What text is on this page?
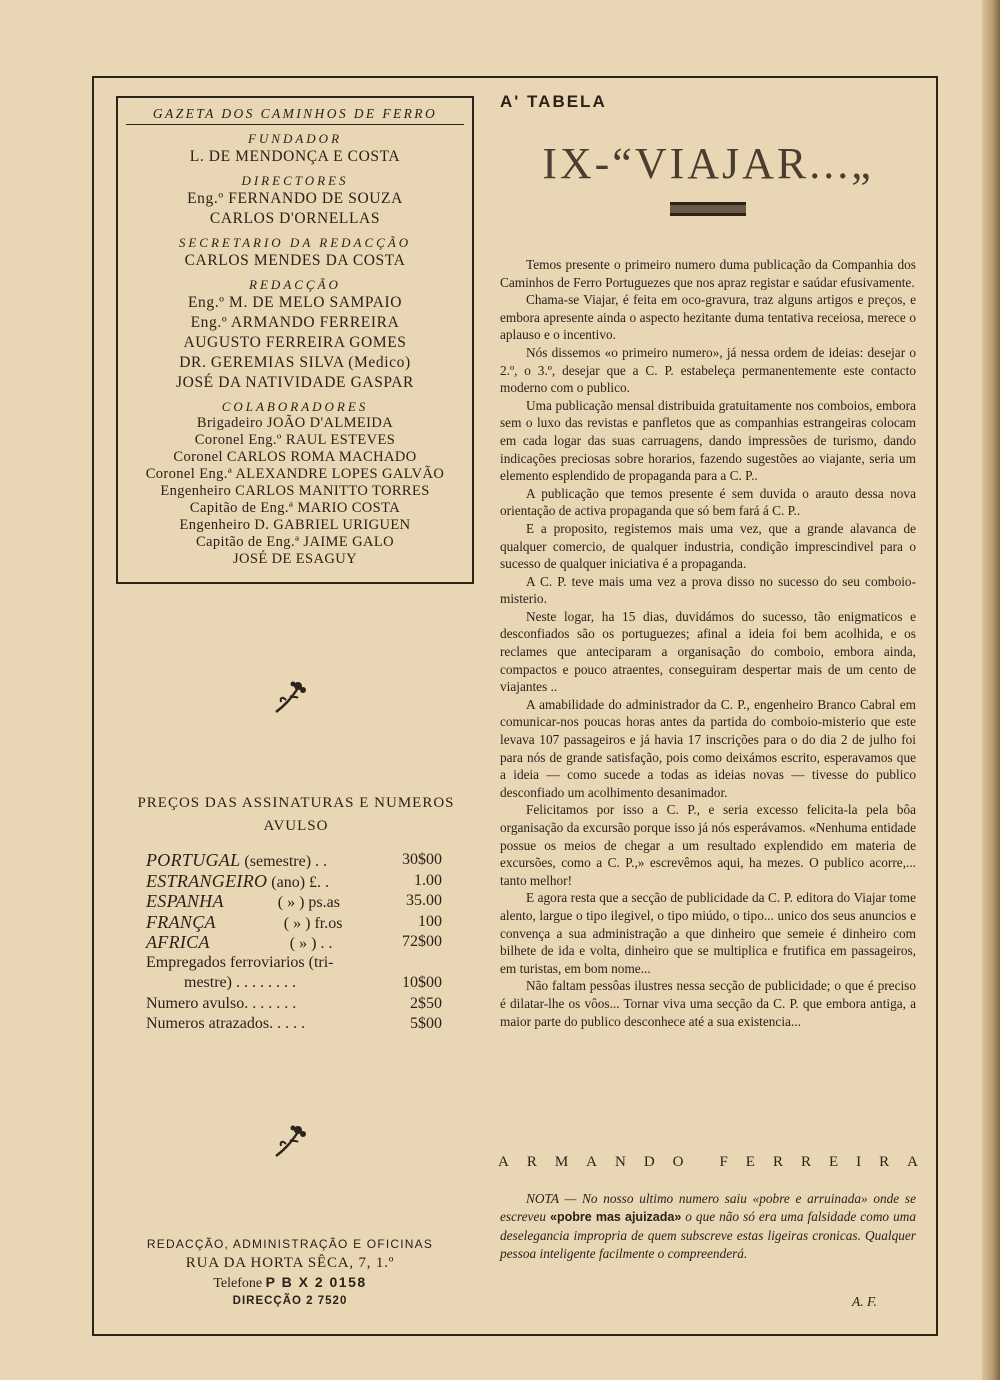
GAZETA DOS CAMINHOS DE FERRO
FUNDADOR
L. DE MENDONÇA E COSTA
DIRECTORES
Eng.º FERNANDO DE SOUZA
CARLOS D'ORNELLAS
SECRETARIO DA REDACÇÃO
CARLOS MENDES DA COSTA
REDACÇÃO
Eng.º M. DE MELO SAMPAIO
Eng.º ARMANDO FERREIRA
AUGUSTO FERREIRA GOMES
DR. GEREMIAS SILVA (Medico)
JOSÉ DA NATIVIDADE GASPAR
COLABORADORES
Brigadeiro JOÃO D'ALMEIDA
Coronel Eng.º RAUL ESTEVES
Coronel CARLOS ROMA MACHADO
Coronel Eng.ª ALEXANDRE LOPES GALVÃO
Engenheiro CARLOS MANITTO TORRES
Capitão de Eng.ª MARIO COSTA
Engenheiro D. GABRIEL URIGUEN
Capitão de Eng.ª JAIME GALO
JOSÉ DE ESAGUY
PREÇOS DAS ASSINATURAS E NUMEROS
AVULSO
PORTUGAL (semestre) . .	30$00
ESTRANGEIRO (ano) £. .	1.00
ESPANHA	( » ) ps.as	35.00
FRANÇA	( » ) fr.os	100
AFRICA	( » ) . .	72$00
Empregados ferroviarios (tri-
mestre) . . . . . . . .	10$00
Numero avulso. . . . . . .	2$50
Numeros atrazados. . . . .	5$00
REDACÇÃO, ADMINISTRAÇÃO E OFICINAS
RUA DA HORTA SÊCA, 7, 1.º
Telefone P B X 2 0158
DIRECÇÃO 2 7520
A' TABELA
IX-“VIAJAR...„

Temos presente o primeiro numero duma publicação da Companhia dos Caminhos de Ferro Portuguezes que nos apraz registar e saúdar efusivamente.

Chama-se Viajar, é feita em oco-gravura, traz alguns artigos e preços, e embora apresente ainda o aspecto hezitante duma tentativa receiosa, merece o aplauso e o incentivo.

Nós dissemos «o primeiro numero», já nessa ordem de ideias: desejar o 2.º, o 3.º, desejar que a C. P. estabeleça permanentemente este contacto moderno com o publico.

Uma publicação mensal distribuida gratuitamente nos comboios, embora sem o luxo das revistas e panfletos que as companhias estrangeiras colocam em cada logar das suas carruagens, dando impressões de turismo, dando indicações preciosas sobre horarios, fazendo sugestões ao viajante, seria um elemento esplendido de propaganda para a C. P..

A publicação que temos presente é sem duvida o arauto dessa nova orientação de activa propaganda que só bem fará á C. P..

E a proposito, registemos mais uma vez, que a grande alavanca de qualquer comercio, de qualquer industria, condição imprescindivel para o sucesso de qualquer iniciativa é a propaganda.

A C. P. teve mais uma vez a prova disso no sucesso do seu comboio-misterio.

Neste logar, ha 15 dias, duvidámos do sucesso, tão enigmaticos e desconfiados são os portuguezes; afinal a ideia foi bem acolhida, e os reclames que anteciparam a organisação do comboio, embora ainda, compactos e pouco atraentes, conseguiram despertar mais de um cento de viajantes ..

A amabilidade do administrador da C. P., engenheiro Branco Cabral em comunicar-nos poucas horas antes da partida do comboio-misterio que este levava 107 passageiros e já havia 17 inscrições para o do dia 2 de julho foi para nós de grande satisfação, pois como deixámos escrito, esperavamos que a ideia — como sucede a todas as ideias novas — tivesse do publico desconfiado um acolhimento desanimador.

Felicitamos por isso a C. P., e seria excesso felicita-la pela bôa organisação da excursão porque isso já nós esperávamos. «Nenhuma entidade possue os meios de chegar a um resultado explendido em materia de excursões, como a C. P.,» escrevêmos aqui, ha mezes. O publico acorre,... tanto melhor!

E agora resta que a secção de publicidade da C. P. editora do Viajar tome alento, largue o tipo ilegivel, o tipo miúdo, o tipo... unico dos seus anuncios e convença a sua administração a que dinheiro que semeie é dinheiro com bilhete de ida e volta, dinheiro que se multiplica e frutifica em passageiros, em turistas, em bom nome...

Não faltam pessôas ilustres nessa secção de publicidade; o que é preciso é dilatar-lhe os vôos... Tornar viva uma secção da C. P. que embora antiga, a maior parte do publico desconhece até a sua existencia...

A R M A N D O F E R R E I R A

NOTA — No nosso ultimo numero saiu «pobre e arruinada» onde se escreveu «pobre mas ajuizada» o que não só era uma falsidade como uma deselegancia impropria de quem subscreve estas ligeiras cronicas. Qualquer pessoa inteligente facilmente o compreenderá.

A. F.
